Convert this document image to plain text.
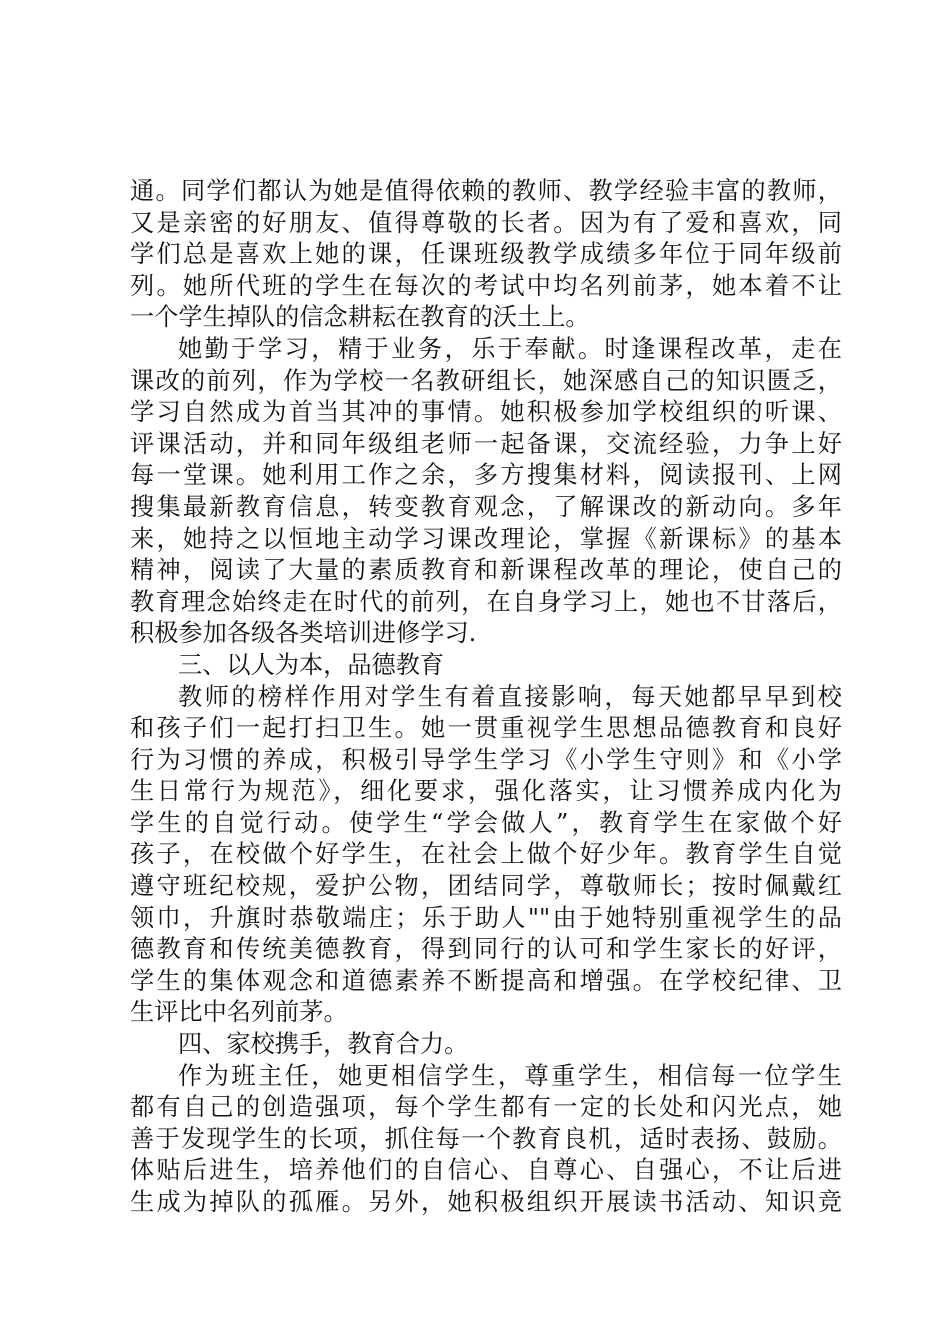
通。同学们都认为她是值得依赖的教师、教学经验丰富的教师，
又是亲密的好朋友、值得尊敬的长者。因为有了爱和喜欢，同
学们总是喜欢上她的课，任课班级教学成绩多年位于同年级前
列。她所代班的学生在每次的考试中均名列前茅，她本着不让
一个学生掉队的信念耕耘在教育的沃土上。
她勤于学习，精于业务，乐于奉献。时逢课程改革，走在
课改的前列，作为学校一名教研组长，她深感自己的知识匮乏，
学习自然成为首当其冲的事情。她积极参加学校组织的听课、
评课活动，并和同年级组老师一起备课，交流经验，力争上好
每一堂课。她利用工作之余，多方搜集材料，阅读报刊、上网
搜集最新教育信息，转变教育观念，了解课改的新动向。多年
来，她持之以恒地主动学习课改理论，掌握《新课标》的基本
精神，阅读了大量的素质教育和新课程改革的理论，使自己的
教育理念始终走在时代的前列，在自身学习上，她也不甘落后，
积极参加各级各类培训进修学习.
三、以人为本，品德教育
教师的榜样作用对学生有着直接影响，每天她都早早到校
和孩子们一起打扫卫生。她一贯重视学生思想品德教育和良好
行为习惯的养成，积极引导学生学习《小学生守则》和《小学
生日常行为规范》，细化要求，强化落实，让习惯养成内化为
学生的自觉行动。使学生“学会做人”，教育学生在家做个好
孩子，在校做个好学生，在社会上做个好少年。教育学生自觉
遵守班纪校规，爱护公物，团结同学，尊敬师长；按时佩戴红
领巾，升旗时恭敬端庄；乐于助人""由于她特别重视学生的品
德教育和传统美德教育，得到同行的认可和学生家长的好评，
学生的集体观念和道德素养不断提高和增强。在学校纪律、卫
生评比中名列前茅。
四、家校携手，教育合力。
作为班主任，她更相信学生，尊重学生，相信每一位学生
都有自己的创造强项，每个学生都有一定的长处和闪光点，她
善于发现学生的长项，抓住每一个教育良机，适时表扬、鼓励。
体贴后进生，培养他们的自信心、自尊心、自强心，不让后进
生成为掉队的孤雁。另外，她积极组织开展读书活动、知识竞
